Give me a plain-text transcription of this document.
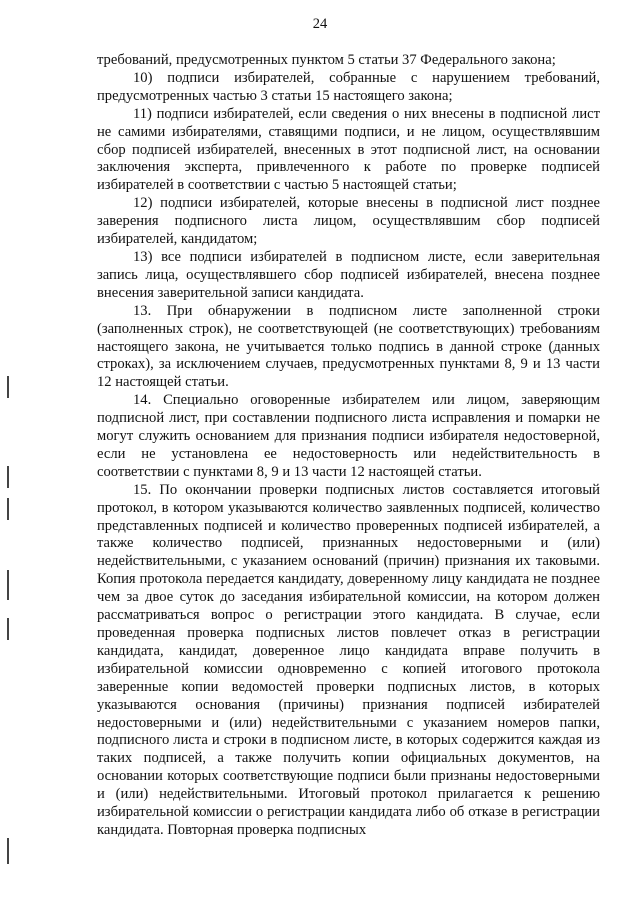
24

требований, предусмотренных пунктом 5 статьи 37 Федерального закона;

10) подписи избирателей, собранные с нарушением требований, предусмотренных частью 3 статьи 15 настоящего закона;

11) подписи избирателей, если сведения о них внесены в подписной лист не самими избирателями, ставящими подписи, и не лицом, осуществлявшим сбор подписей избирателей, внесенных в этот подписной лист, на основании заключения эксперта, привлеченного к работе по проверке подписей избирателей в соответствии с частью 5 настоящей статьи;

12) подписи избирателей, которые внесены в подписной лист позднее заверения подписного листа лицом, осуществлявшим сбор подписей избирателей, кандидатом;

13) все подписи избирателей в подписном листе, если заверительная запись лица, осуществлявшего сбор подписей избирателей, внесена позднее внесения заверительной записи кандидата.

13. При обнаружении в подписном листе заполненной строки (заполненных строк), не соответствующей (не соответствующих) требованиям настоящего закона, не учитывается только подпись в данной строке (данных строках), за исключением случаев, предусмотренных пунктами 8, 9 и 13 части 12 настоящей статьи.

14. Специально оговоренные избирателем или лицом, заверяющим подписной лист, при составлении подписного листа исправления и помарки не могут служить основанием для признания подписи избирателя недостоверной, если не установлена ее недостоверность или недействительность в соответствии с пунктами 8, 9 и 13 части 12 настоящей статьи.

15. По окончании проверки подписных листов составляется итоговый протокол, в котором указываются количество заявленных подписей, количество представленных подписей и количество проверенных подписей избирателей, а также количество подписей, признанных недостоверными и (или) недействительными, с указанием оснований (причин) признания их таковыми. Копия протокола передается кандидату, доверенному лицу кандидата не позднее чем за двое суток до заседания избирательной комиссии, на котором должен рассматриваться вопрос о регистрации этого кандидата. В случае, если проведенная проверка подписных листов повлечет отказ в регистрации кандидата, кандидат, доверенное лицо кандидата вправе получить в избирательной комиссии одновременно с копией итогового протокола заверенные копии ведомостей проверки подписных листов, в которых указываются основания (причины) признания подписей избирателей недостоверными и (или) недействительными с указанием номеров папки, подписного листа и строки в подписном листе, в которых содержится каждая из таких подписей, а также получить копии официальных документов, на основании которых соответствующие подписи были признаны недостоверными и (или) недействительными. Итоговый протокол прилагается к решению избирательной комиссии о регистрации кандидата либо об отказе в регистрации кандидата. Повторная проверка подписных
